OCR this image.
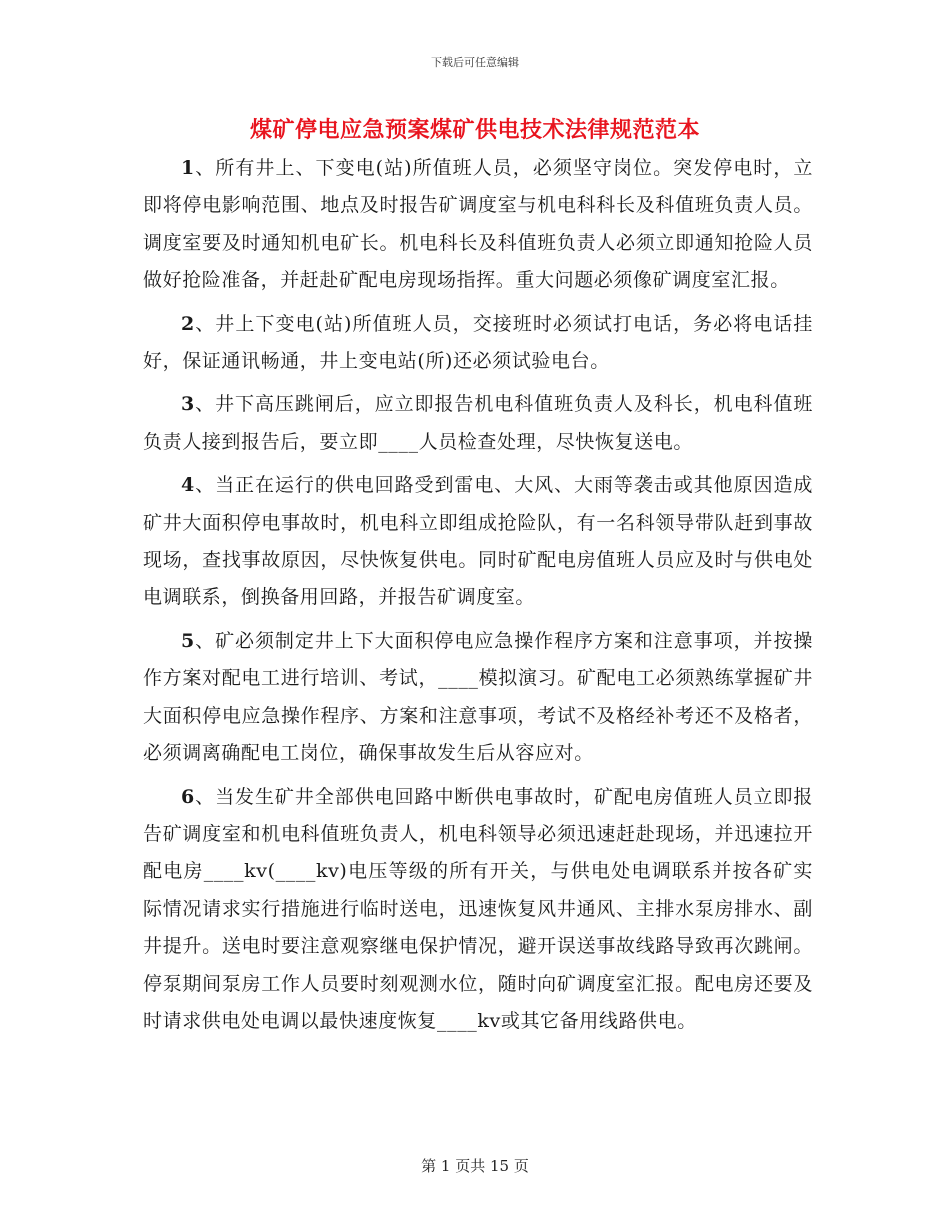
下载后可任意编辑
煤矿停电应急预案煤矿供电技术法律规范范本

1、所有井上、下变电(站)所值班人员，必须坚守岗位。突发停电时，立即将停电影响范围、地点及时报告矿调度室与机电科科长及科值班负责人员。调度室要及时通知机电矿长。机电科长及科值班负责人必须立即通知抢险人员做好抢险准备，并赶赴矿配电房现场指挥。重大问题必须像矿调度室汇报。

2、井上下变电(站)所值班人员，交接班时必须试打电话，务必将电话挂好，保证通讯畅通，井上变电站(所)还必须试验电台。

3、井下高压跳闸后，应立即报告机电科值班负责人及科长，机电科值班负责人接到报告后，要立即____人员检查处理，尽快恢复送电。

4、当正在运行的供电回路受到雷电、大风、大雨等袭击或其他原因造成矿井大面积停电事故时，机电科立即组成抢险队，有一名科领导带队赶到事故现场，查找事故原因，尽快恢复供电。同时矿配电房值班人员应及时与供电处电调联系，倒换备用回路，并报告矿调度室。

5、矿必须制定井上下大面积停电应急操作程序方案和注意事项，并按操作方案对配电工进行培训、考试，____模拟演习。矿配电工必须熟练掌握矿井大面积停电应急操作程序、方案和注意事项，考试不及格经补考还不及格者，必须调离确配电工岗位，确保事故发生后从容应对。

6、当发生矿井全部供电回路中断供电事故时，矿配电房值班人员立即报告矿调度室和机电科值班负责人，机电科领导必须迅速赶赴现场，并迅速拉开配电房____kv(____kv)电压等级的所有开关，与供电处电调联系并按各矿实际情况请求实行措施进行临时送电，迅速恢复风井通风、主排水泵房排水、副井提升。送电时要注意观察继电保护情况，避开误送事故线路导致再次跳闸。停泵期间泵房工作人员要时刻观测水位，随时向矿调度室汇报。配电房还要及时请求供电处电调以最快速度恢复____kv或其它备用线路供电。

第 1 页共 15 页
